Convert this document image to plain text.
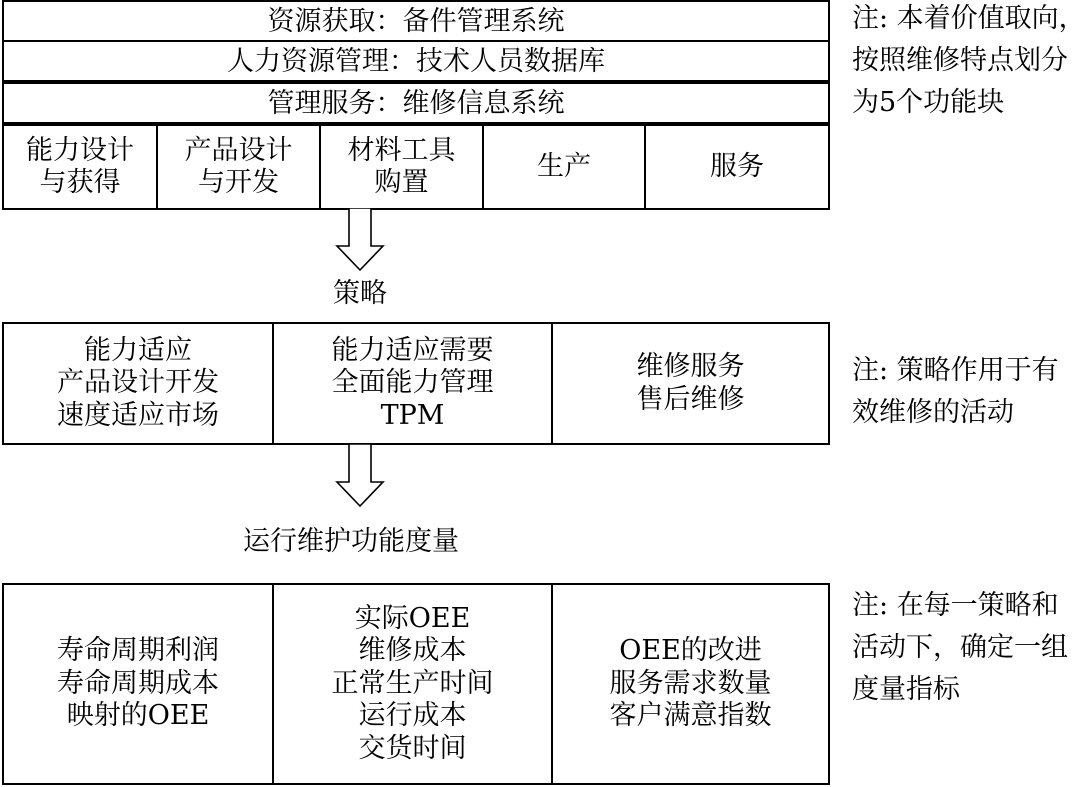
资源获取：备件管理系统
人力资源管理：技术人员数据库
管理服务：维修信息系统
能力设计
与获得
产品设计
与开发
材料工具
购置
生产	服务
注: 本着价值取向，
按照维修特点划分
为5个功能块
策略
能力适应
产品设计开发
速度适应市场
能力适应需要
全面能力管理
TPM
维修服务
售后维修
注: 策略作用于有
效维修的活动
运行维护功能度量
寿命周期利润
寿命周期成本
映射的OEE
实际OEE
维修成本
正常生产时间
运行成本
交货时间
OEE的改进
服务需求数量
客户满意指数
注: 在每一策略和
活动下，确定一组
度量指标
